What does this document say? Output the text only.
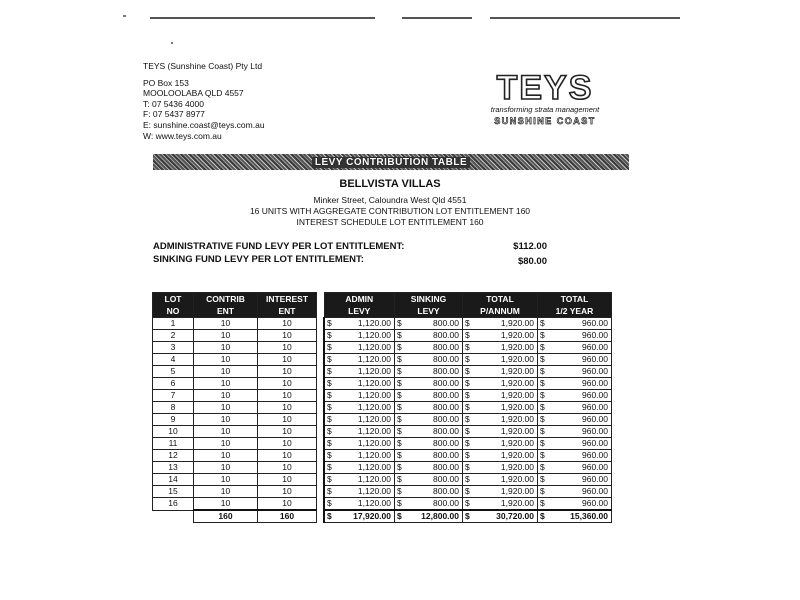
TEYS (Sunshine Coast) Pty Ltd
PO Box 153
MOOLOOLABA QLD 4557
T: 07 5436 4000
F: 07 5437 8977
E: sunshine.coast@teys.com.au
W: www.teys.com.au
TEYS
transforming strata management
SUNSHINE COAST
LEVY CONTRIBUTION TABLE
BELLVISTA VILLAS
Minker Street, Caloundra West Qld 4551
16 UNITS WITH AGGREGATE CONTRIBUTION LOT ENTITLEMENT 160
INTEREST SCHEDULE LOT ENTITLEMENT 160
ADMINISTRATIVE FUND LEVY PER LOT ENTITLEMENT:	$112.00
SINKING FUND LEVY PER LOT ENTITLEMENT:	$80.00
LOT	CONTRIB	INTEREST		ADMIN		SINKING		TOTAL		TOTAL	
NO	ENT	ENT		LEVY		LEVY		P/ANNUM		1/2 YEAR	
1	10	10		$	1,120.00	$	800.00	$	1,920.00	$	960.00
2	10	10		$	1,120.00	$	800.00	$	1,920.00	$	960.00
3	10	10		$	1,120.00	$	800.00	$	1,920.00	$	960.00
4	10	10		$	1,120.00	$	800.00	$	1,920.00	$	960.00
5	10	10		$	1,120.00	$	800.00	$	1,920.00	$	960.00
6	10	10		$	1,120.00	$	800.00	$	1,920.00	$	960.00
7	10	10		$	1,120.00	$	800.00	$	1,920.00	$	960.00
8	10	10		$	1,120.00	$	800.00	$	1,920.00	$	960.00
9	10	10		$	1,120.00	$	800.00	$	1,920.00	$	960.00
10	10	10		$	1,120.00	$	800.00	$	1,920.00	$	960.00
11	10	10		$	1,120.00	$	800.00	$	1,920.00	$	960.00
12	10	10		$	1,120.00	$	800.00	$	1,920.00	$	960.00
13	10	10		$	1,120.00	$	800.00	$	1,920.00	$	960.00
14	10	10		$	1,120.00	$	800.00	$	1,920.00	$	960.00
15	10	10		$	1,120.00	$	800.00	$	1,920.00	$	960.00
16	10	10		$	1,120.00	$	800.00	$	1,920.00	$	960.00
	160	160		$	17,920.00	$	12,800.00	$	30,720.00	$	15,360.00
